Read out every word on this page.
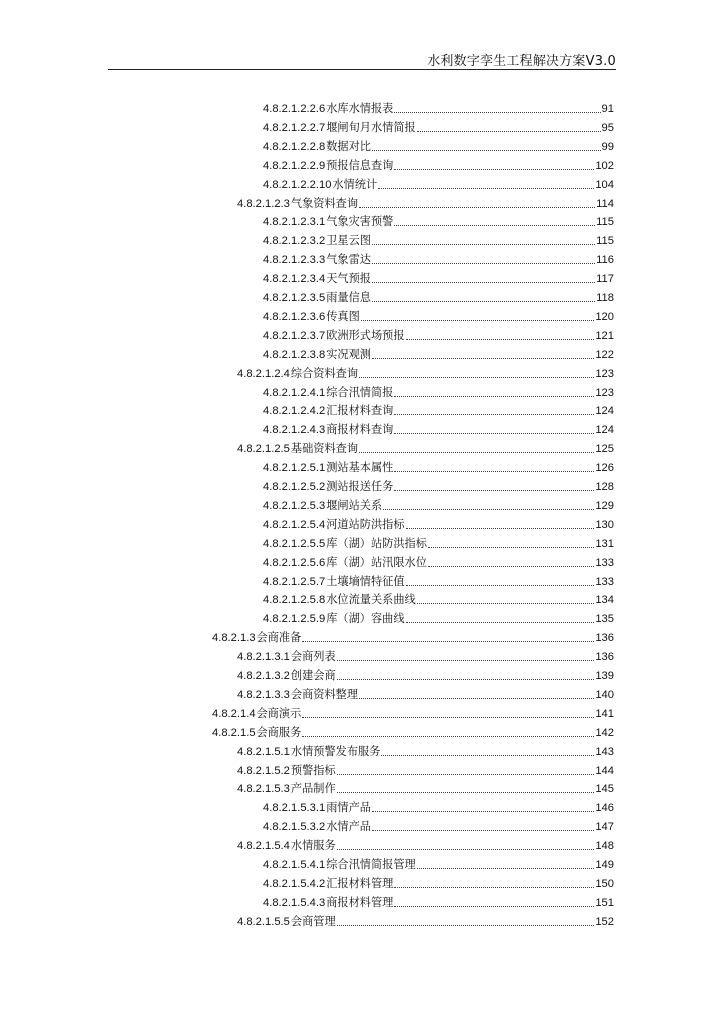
水利数字孪生工程解决方案V3.0
4.8.2.1.2.2.6 水库水情报表	91
4.8.2.1.2.2.7 堰闸旬月水情简报	95
4.8.2.1.2.2.8 数据对比	99
4.8.2.1.2.2.9 预报信息查询	102
4.8.2.1.2.2.10 水情统计	104
4.8.2.1.2.3 气象资料查询	114
4.8.2.1.2.3.1 气象灾害预警	115
4.8.2.1.2.3.2 卫星云图	115
4.8.2.1.2.3.3 气象雷达	116
4.8.2.1.2.3.4 天气预报	117
4.8.2.1.2.3.5 雨量信息	118
4.8.2.1.2.3.6 传真图	120
4.8.2.1.2.3.7 欧洲形式场预报	121
4.8.2.1.2.3.8 实况观测	122
4.8.2.1.2.4 综合资料查询	123
4.8.2.1.2.4.1 综合汛情简报	123
4.8.2.1.2.4.2 汇报材料查询	124
4.8.2.1.2.4.3 商报材料查询	124
4.8.2.1.2.5 基础资料查询	125
4.8.2.1.2.5.1 测站基本属性	126
4.8.2.1.2.5.2 测站报送任务	128
4.8.2.1.2.5.3 堰闸站关系	129
4.8.2.1.2.5.4 河道站防洪指标	130
4.8.2.1.2.5.5 库（湖）站防洪指标	131
4.8.2.1.2.5.6 库（湖）站汛限水位	133
4.8.2.1.2.5.7 土壤墒情特征值	133
4.8.2.1.2.5.8 水位流量关系曲线	134
4.8.2.1.2.5.9 库（湖）容曲线	135
4.8.2.1.3 会商准备	136
4.8.2.1.3.1 会商列表	136
4.8.2.1.3.2 创建会商	139
4.8.2.1.3.3 会商资料整理	140
4.8.2.1.4 会商演示	141
4.8.2.1.5 会商服务	142
4.8.2.1.5.1 水情预警发布服务	143
4.8.2.1.5.2 预警指标	144
4.8.2.1.5.3 产品制作	145
4.8.2.1.5.3.1 雨情产品	146
4.8.2.1.5.3.2 水情产品	147
4.8.2.1.5.4 水情服务	148
4.8.2.1.5.4.1 综合汛情简报管理	149
4.8.2.1.5.4.2 汇报材料管理	150
4.8.2.1.5.4.3 商报材料管理	151
4.8.2.1.5.5 会商管理	152
